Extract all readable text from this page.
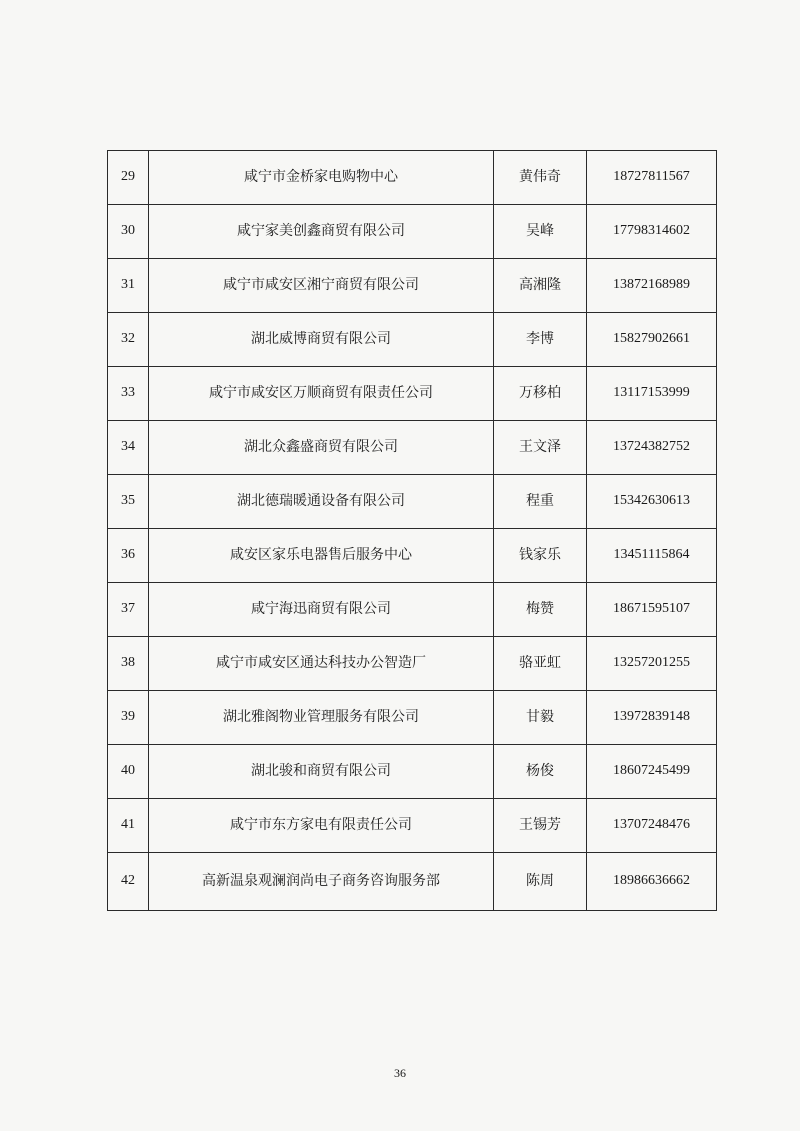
29	咸宁市金桥家电购物中心	黄伟奇	18727811567
30	咸宁家美创鑫商贸有限公司	吴峰	17798314602
31	咸宁市咸安区湘宁商贸有限公司	高湘隆	13872168989
32	湖北威博商贸有限公司	李博	15827902661
33	咸宁市咸安区万顺商贸有限责任公司	万移柏	13117153999
34	湖北众鑫盛商贸有限公司	王文泽	13724382752
35	湖北德瑞暖通设备有限公司	程重	15342630613
36	咸安区家乐电器售后服务中心	钱家乐	13451115864
37	咸宁海迅商贸有限公司	梅赞	18671595107
38	咸宁市咸安区通达科技办公智造厂	骆亚虹	13257201255
39	湖北雅阁物业管理服务有限公司	甘毅	13972839148
40	湖北骏和商贸有限公司	杨俊	18607245499
41	咸宁市东方家电有限责任公司	王锡芳	13707248476
42	高新温泉观澜润尚电子商务咨询服务部	陈周	18986636662
36
